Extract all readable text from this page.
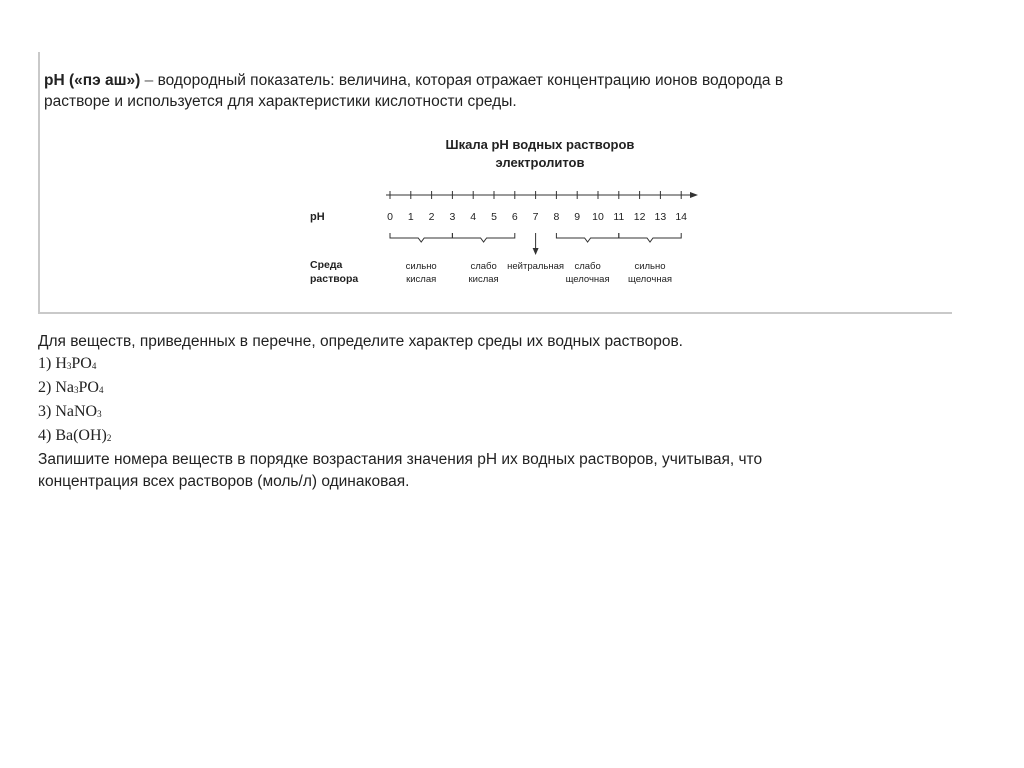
pH («пэ аш») – водородный показатель: величина, которая отражает концентрацию ионов водорода в
растворе и используется для характеристики кислотности среды.
Шкала pH водных растворов
электролитов
pH	0 1 2 3 4 5 6 7 8 9 10 11 12 13 14
Среда
раствора
сильно
кислая
слабо
кислая
нейтральная слабо
щелочная
сильно
щелочная
Для веществ, приведенных в перечне, определите характер среды их водных растворов.
1) $H_3PO_4$
2) $Na_3PO_4$
3) NaNO$_3$
4) $Ba(OH)_2$
Запишите номера веществ в порядке возрастания значения pH их водных растворов, учитывая, что
концентрация всех растворов (моль/л) одинаковая.
